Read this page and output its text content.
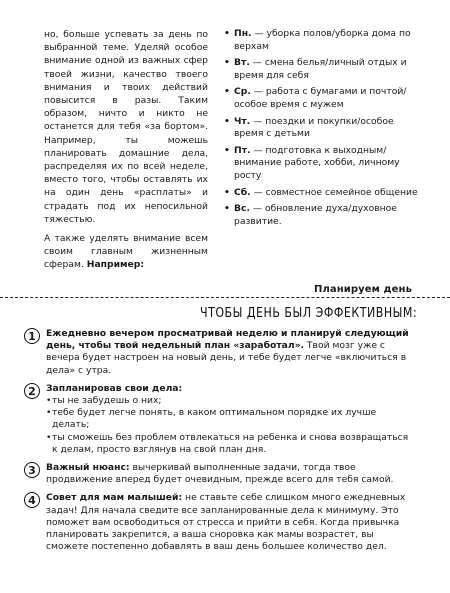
но, больше успевать за день по выбранной теме. Уделяй особое внимание одной из важных сфер твоей жизни, качество твоего внимания и твоих действий повысится в разы. Таким образом, ничто и никто не останется для тебя «за бортом». Например, ты можешь планировать домашние дела, распределяя их по всей неделе, вместо того, чтобы оставлять их на один день «расплаты» и страдать под их непосильной тяжестью.

А также уделять внимание всем своим главным жизненным сферам. Например:

• Пн. — уборка полов/уборка дома по верхам
• Вт. — смена белья/личный отдых и время для себя
• Ср. — работа с бумагами и почтой/особое время с мужем
• Чт. — поездки и покупки/особое время с детьми
• Пт. — подготовка к выходным/внимание работе, хобби, личному росту
• Сб. — совместное семейное общение
• Вс. — обновление духа/духовное развитие.
Планируем день
ЧТОБЫ ДЕНЬ БЫЛ ЭФФЕКТИВНЫМ:
1	Ежедневно вечером просматривай неделю и планируй следующий день, чтобы твой недельный план «заработал». Твой мозг уже с вечера будет настроен на новый день, и тебе будет легче «включиться в дела» с утра.
2	Запланировав свои дела:
• ты не забудешь о них;
• тебе будет легче понять, в каком оптимальном порядке их лучше делать;
• ты сможешь без проблем отвлекаться на ребенка и снова возвращаться к делам, просто взглянув на свой план дня.
3	Важный нюанс: вычеркивай выполненные задачи, тогда твое продвижение вперед будет очевидным, прежде всего для тебя самой.
4	Совет для мам малышей: не ставьте себе слишком много ежедневных задач! Для начала сведите все запланированные дела к минимуму. Это поможет вам освободиться от стресса и прийти в себя. Когда привычка планировать закрепится, а ваша сноровка как мамы возрастет, вы сможете постепенно добавлять в ваш день большее количество дел.
